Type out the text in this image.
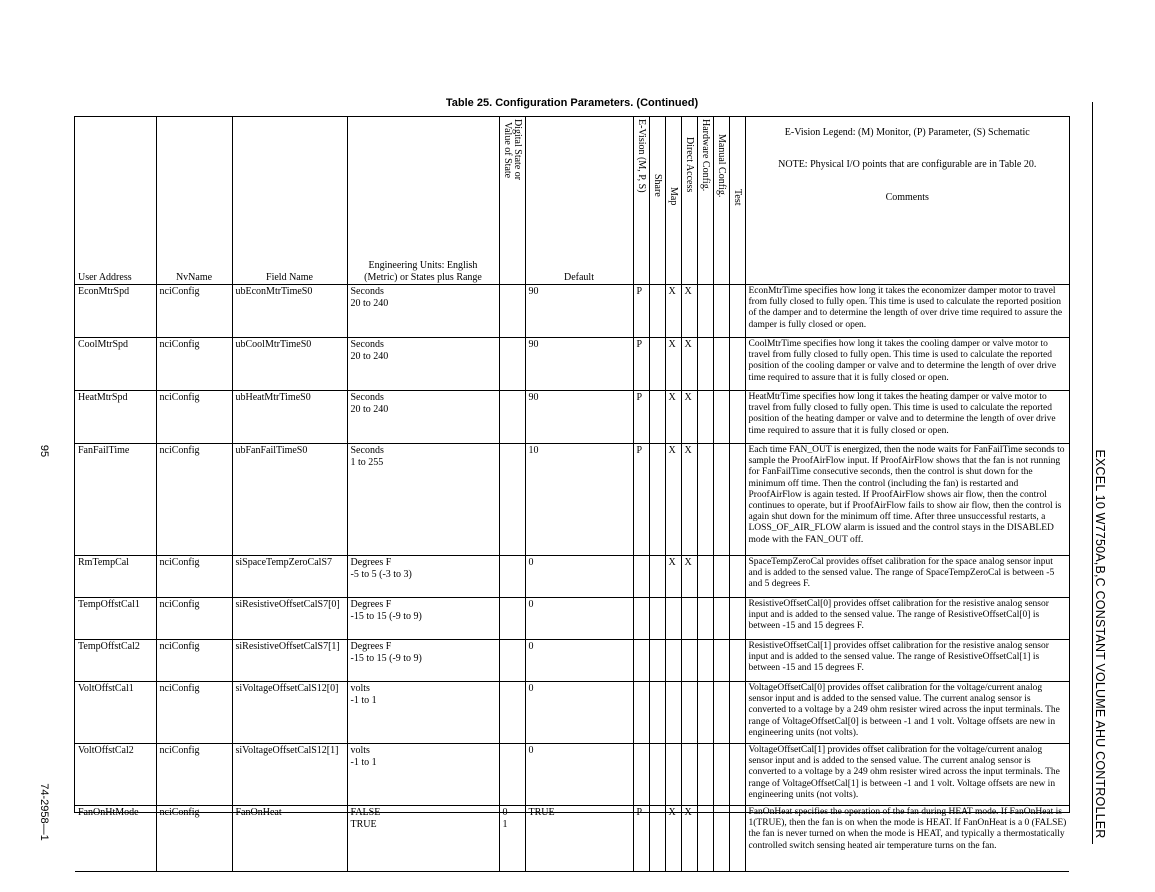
Table 25. Configuration Parameters. (Continued)
User Address	NvName	Field Name	Engineering Units: English
(Metric) or States plus Range	Digital State or
Value of State	Default	E-Vision (M, P, S)	Share	Map	Direct Access	Hardware Config.	Manual Config.	Test	E-Vision Legend: (M) Monitor, (P) Parameter, (S) Schematic
NOTE: Physical I/O points that are configurable are in Table 20.
Comments

EconMtrSpd	nciConfig	ubEconMtrTimeS0	Seconds
20 to 240		90	P		X	X				EconMtrTime specifies how long it takes the economizer damper motor to travel from fully closed to fully open. This time is used to calculate the reported position of the damper and to determine the length of over drive time required to assure the damper is fully closed or open.
CoolMtrSpd	nciConfig	ubCoolMtrTimeS0	Seconds
20 to 240		90	P		X	X				CoolMtrTime specifies how long it takes the cooling damper or valve motor to travel from fully closed to fully open. This time is used to calculate the reported position of the cooling damper or valve and to determine the length of over drive time required to assure that it is fully closed or open.
HeatMtrSpd	nciConfig	ubHeatMtrTimeS0	Seconds
20 to 240		90	P		X	X				HeatMtrTime specifies how long it takes the heating damper or valve motor to travel from fully closed to fully open. This time is used to calculate the reported position of the heating damper or valve and to determine the length of over drive time required to assure that it is fully closed or open.
FanFailTime	nciConfig	ubFanFailTimeS0	Seconds
1 to 255		10	P		X	X				Each time FAN_OUT is energized, then the node waits for FanFailTime seconds to sample the ProofAirFlow input. If ProofAirFlow shows that the fan is not running for FanFailTime consecutive seconds, then the control is shut down for the minimum off time. Then the control (including the fan) is restarted and ProofAirFlow is again tested. If ProofAirFlow shows air flow, then the control continues to operate, but if ProofAirFlow fails to show air flow, then the control is again shut down for the minimum off time. After three unsuccessful restarts, a LOSS_OF_AIR_FLOW alarm is issued and the control stays in the DISABLED mode with the FAN_OUT off.
RmTempCal	nciConfig	siSpaceTempZeroCalS7	Degrees F
-5 to 5 (-3 to 3)		0			X	X				SpaceTempZeroCal provides offset calibration for the space analog sensor input and is added to the sensed value. The range of SpaceTempZeroCal is between -5 and 5 degrees F.
TempOffstCal1	nciConfig	siResistiveOffsetCalS7[0]	Degrees F
-15 to 15 (-9 to 9)		0								ResistiveOffsetCal[0] provides offset calibration for the resistive analog sensor input and is added to the sensed value. The range of ResistiveOffsetCal[0] is between -15 and 15 degrees F.
TempOffstCal2	nciConfig	siResistiveOffsetCalS7[1]	Degrees F
-15 to 15 (-9 to 9)		0								ResistiveOffsetCal[1] provides offset calibration for the resistive analog sensor input and is added to the sensed value. The range of ResistiveOffsetCal[1] is between -15 and 15 degrees F.
VoltOffstCal1	nciConfig	siVoltageOffsetCalS12[0]	volts
-1 to 1		0								VoltageOffsetCal[0] provides offset calibration for the voltage/current analog sensor input and is added to the sensed value. The current analog sensor is converted to a voltage by a 249 ohm resister wired across the input terminals. The range of VoltageOffsetCal[0] is between -1 and 1 volt. Voltage offsets are new in engineering units (not volts).
VoltOffstCal2	nciConfig	siVoltageOffsetCalS12[1]	volts
-1 to 1		0								VoltageOffsetCal[1] provides offset calibration for the voltage/current analog sensor input and is added to the sensed value. The current analog sensor is converted to a voltage by a 249 ohm resister wired across the input terminals. The range of VoltageOffsetCal[1] is between -1 and 1 volt. Voltage offsets are new in engineering units (not volts).
FanOnHtMode	nciConfig	FanOnHeat	FALSE
TRUE	0
1	TRUE	P		X	X				FanOnHeat specifies the operation of the fan during HEAT mode. If FanOnHeat is 1(TRUE), then the fan is on when the mode is HEAT. If FanOnHeat is a 0 (FALSE) the fan is never turned on when the mode is HEAT, and typically a thermostatically controlled switch sensing heated air temperature turns on the fan.
95
74-2958—1	EXCEL 10 W7750A,B,C CONSTANT VOLUME AHU CONTROLLER
